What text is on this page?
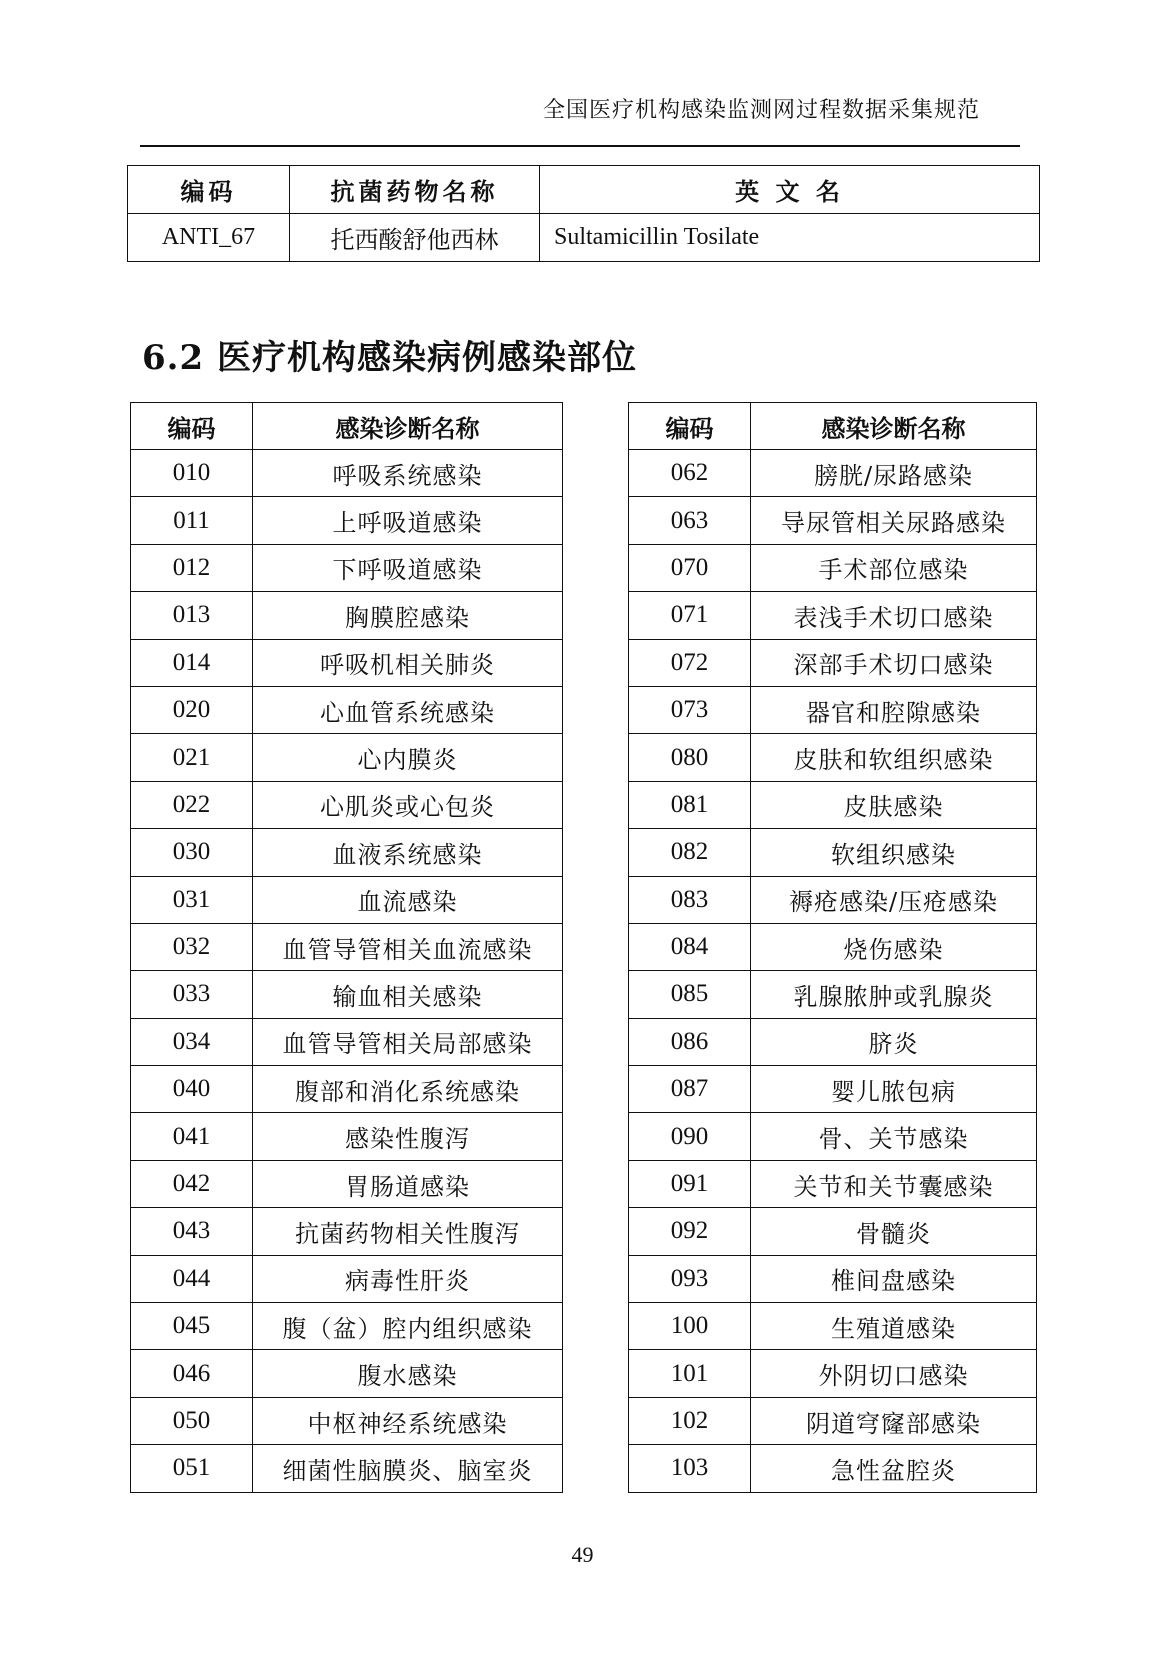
全国医疗机构感染监测网过程数据采集规范
编码	抗菌药物名称	英 文 名
ANTI_67	托西酸舒他西林	Sultamicillin Tosilate
6.2 医疗机构感染病例感染部位
编码	感染诊断名称
010	呼吸系统感染
011	上呼吸道感染
012	下呼吸道感染
013	胸膜腔感染
014	呼吸机相关肺炎
020	心血管系统感染
021	心内膜炎
022	心肌炎或心包炎
030	血液系统感染
031	血流感染
032	血管导管相关血流感染
033	输血相关感染
034	血管导管相关局部感染
040	腹部和消化系统感染
041	感染性腹泻
042	胃肠道感染
043	抗菌药物相关性腹泻
044	病毒性肝炎
045	腹（盆）腔内组织感染
046	腹水感染
050	中枢神经系统感染
051	细菌性脑膜炎、脑室炎
编码	感染诊断名称
062	膀胱/尿路感染
063	导尿管相关尿路感染
070	手术部位感染
071	表浅手术切口感染
072	深部手术切口感染
073	器官和腔隙感染
080	皮肤和软组织感染
081	皮肤感染
082	软组织感染
083	褥疮感染/压疮感染
084	烧伤感染
085	乳腺脓肿或乳腺炎
086	脐炎
087	婴儿脓包病
090	骨、关节感染
091	关节和关节囊感染
092	骨髓炎
093	椎间盘感染
100	生殖道感染
101	外阴切口感染
102	阴道穹窿部感染
103	急性盆腔炎
49
